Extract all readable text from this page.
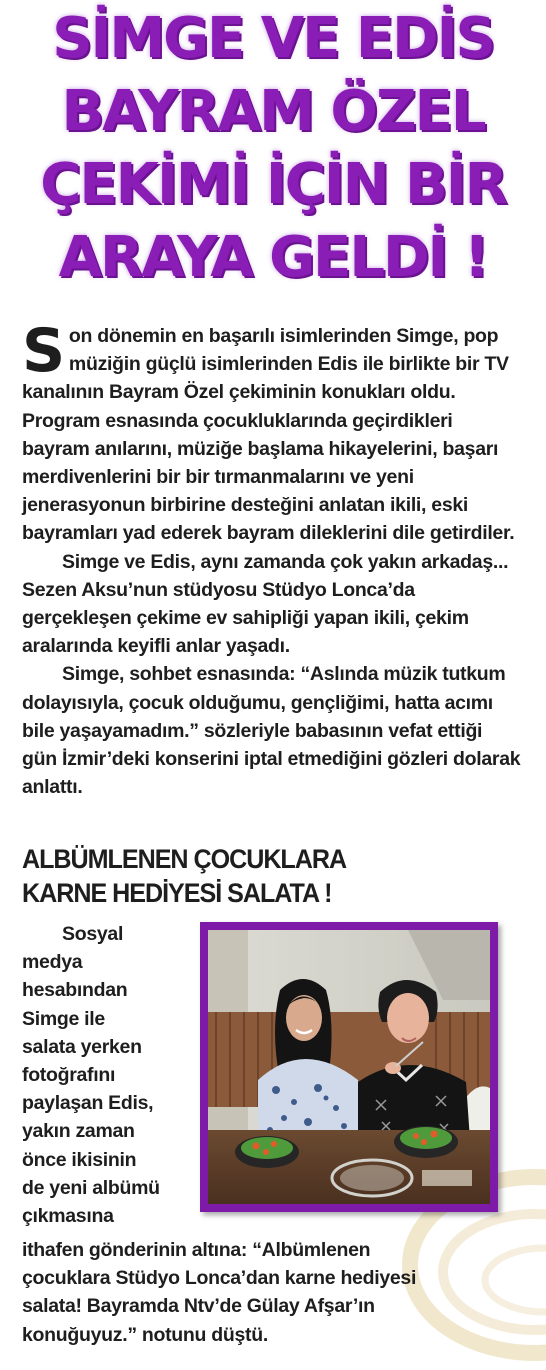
SİMGE VE EDİS
BAYRAM ÖZEL
ÇEKİMİ İÇİN BİR
ARAYA GELDİ !

Son dönemin en başarılı isimlerinden Simge, pop müziğin güçlü isimlerinden Edis ile birlikte bir TV kanalının Bayram Özel çekiminin konukları oldu. Program esnasında çocukluklarında geçirdikleri bayram anılarını, müziğe başlama hikayelerini, başarı merdivenlerini bir bir tırmanmalarını ve yeni jenerasyonun birbirine desteğini anlatan ikili, eski bayramları yad ederek bayram dileklerini dile getirdiler.

Simge ve Edis, aynı zamanda çok yakın arkadaş... Sezen Aksu’nun stüdyosu Stüdyo Lonca’da gerçekleşen çekime ev sahipliği yapan ikili, çekim aralarında keyifli anlar yaşadı.

Simge, sohbet esnasında: “Aslında müzik tutkum dolayısıyla, çocuk olduğumu, gençliğimi, hatta acımı bile yaşayamadım.” sözleriyle babasının vefat ettiği gün İzmir’deki konserini iptal etmediğini gözleri dolarak anlattı.

ALBÜMLENEN ÇOCUKLARA
KARNE HEDİYESİ SALATA !

Sosyal

medya

hesabından

Simge ile

salata yerken

fotoğrafını

paylaşan Edis,

yakın zaman

önce ikisinin

de yeni albümü

çıkmasına

ithafen gönderinin altına: “Albümlenen

çocuklara Stüdyo Lonca’dan karne hediyesi

salata! Bayramda Ntv’de Gülay Afşar’ın

konuğuyuz.” notunu düştü.
